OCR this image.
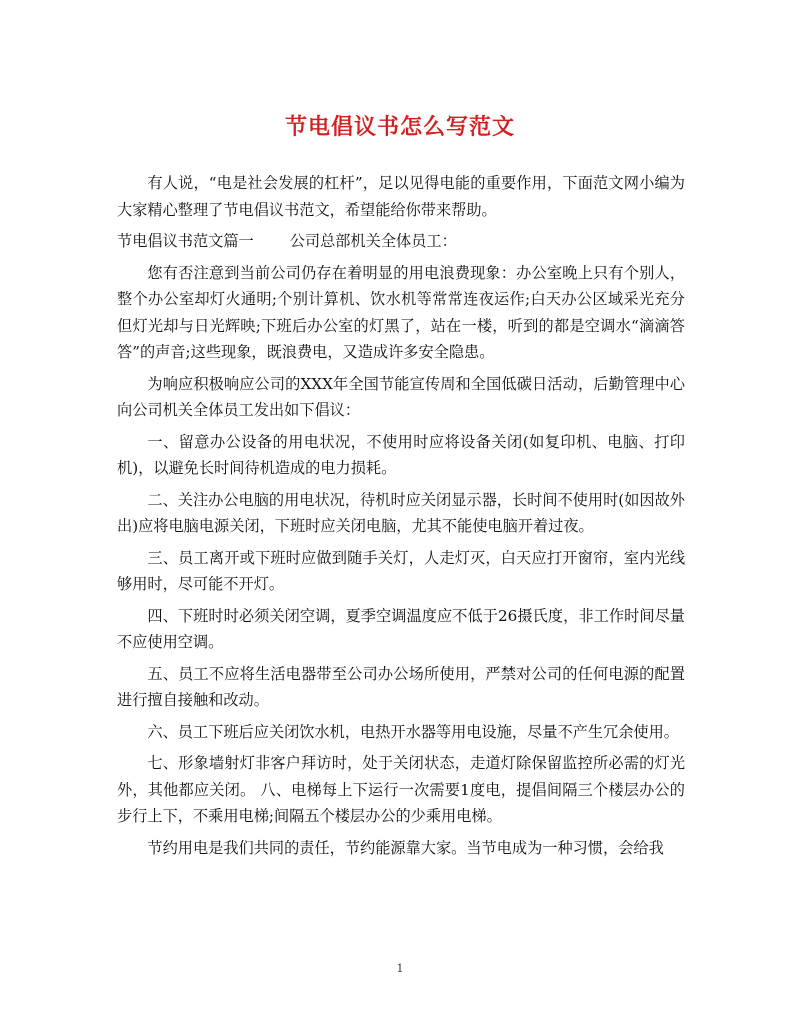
节电倡议书怎么写范文

有人说，“电是社会发展的杠杆”，足以见得电能的重要作用，下面范文网小编为大家精心整理了节电倡议书范文，希望能给你带来帮助。

节电倡议书范文篇一 公司总部机关全体员工：

您有否注意到当前公司仍存在着明显的用电浪费现象：办公室晚上只有个别人，整个办公室却灯火通明;个别计算机、饮水机等常常连夜运作;白天办公区域采光充分但灯光却与日光辉映;下班后办公室的灯黑了，站在一楼，听到的都是空调水“滴滴答答”的声音;这些现象，既浪费电，又造成许多安全隐患。

为响应积极响应公司的XXX年全国节能宣传周和全国低碳日活动，后勤管理中心向公司机关全体员工发出如下倡议：

一、留意办公设备的用电状况，不使用时应将设备关闭(如复印机、电脑、打印机)，以避免长时间待机造成的电力损耗。

二、关注办公电脑的用电状况，待机时应关闭显示器，长时间不使用时(如因故外出)应将电脑电源关闭，下班时应关闭电脑，尤其不能使电脑开着过夜。

三、员工离开或下班时应做到随手关灯，人走灯灭，白天应打开窗帘，室内光线够用时，尽可能不开灯。

四、下班时时必须关闭空调，夏季空调温度应不低于26摄氏度，非工作时间尽量不应使用空调。

五、员工不应将生活电器带至公司办公场所使用，严禁对公司的任何电源的配置进行擅自接触和改动。

六、员工下班后应关闭饮水机，电热开水器等用电设施，尽量不产生冗余使用。

七、形象墙射灯非客户拜访时，处于关闭状态，走道灯除保留监控所必需的灯光外，其他都应关闭。 八、电梯每上下运行一次需要1度电，提倡间隔三个楼层办公的步行上下，不乘用电梯;间隔五个楼层办公的少乘用电梯。

节约用电是我们共同的责任，节约能源靠大家。当节电成为一种习惯，会给我

1
